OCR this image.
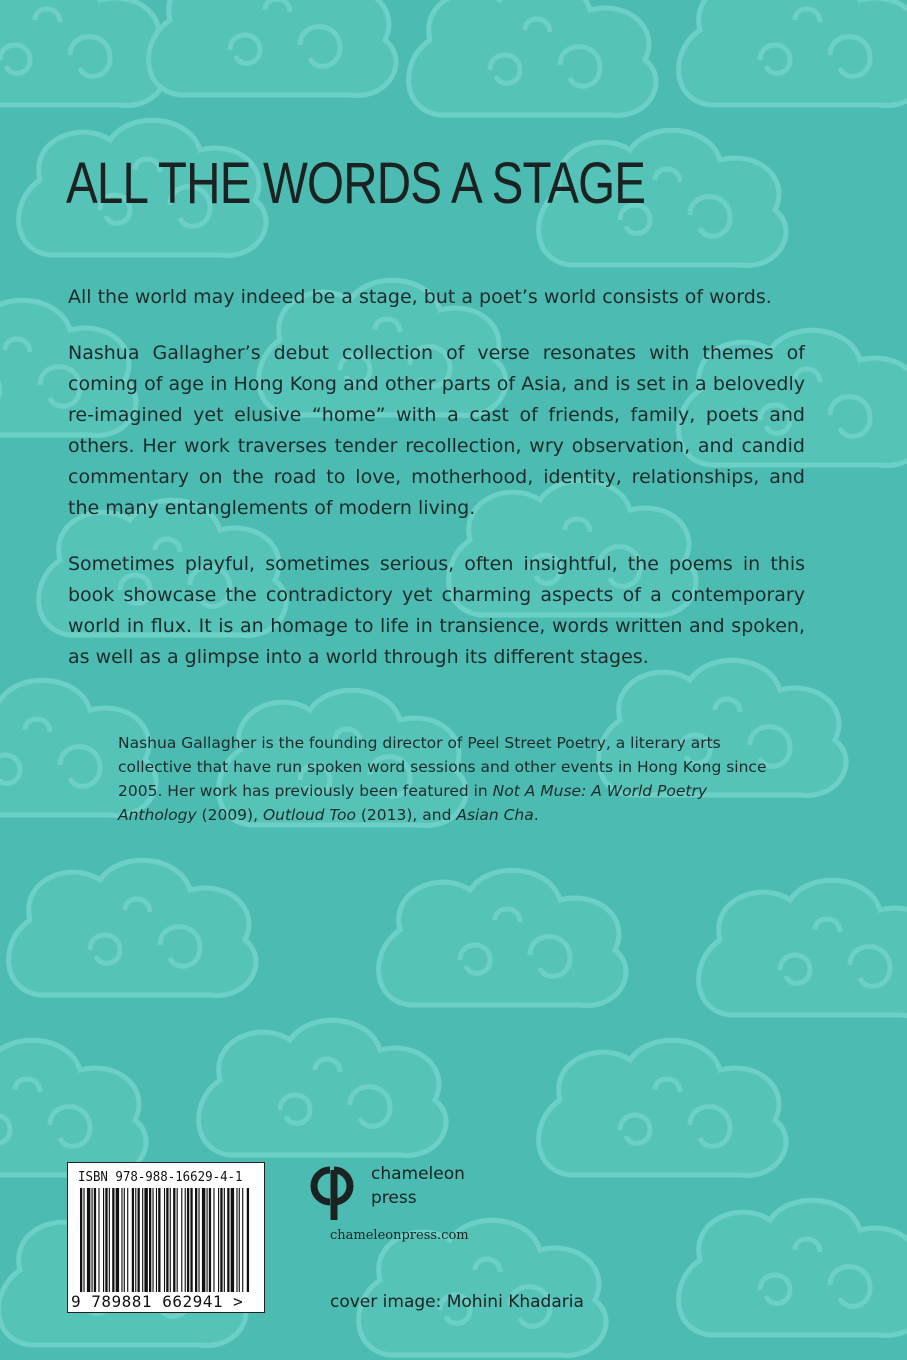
ALL THE WORDS A STAGE

All the world may indeed be a stage, but a poet’s world consists of words.

Nashua Gallagher’s debut collection of verse resonates with themes of coming of age in Hong Kong and other parts of Asia, and is set in a belovedly re-imagined yet elusive “home” with a cast of friends, family, poets and others. Her work traverses tender recollection, wry observation, and candid commentary on the road to love, motherhood, identity, relationships, and the many entanglements of modern living.

Sometimes playful, sometimes serious, often insightful, the poems in this book showcase the contradictory yet charming aspects of a contemporary world in flux. It is an homage to life in transience, words written and spoken, as well as a glimpse into a world through its different stages.

Nashua Gallagher is the founding director of Peel Street Poetry, a literary arts collective that have run spoken word sessions and other events in Hong Kong since 2005. Her work has previously been featured in Not A Muse: A World Poetry Anthology (2009), Outloud Too (2013), and Asian Cha.
ISBN 978-988-16629-4-1
9 789881 662941 >
chameleon
press
chameleonpress.com
cover image: Mohini Khadaria
